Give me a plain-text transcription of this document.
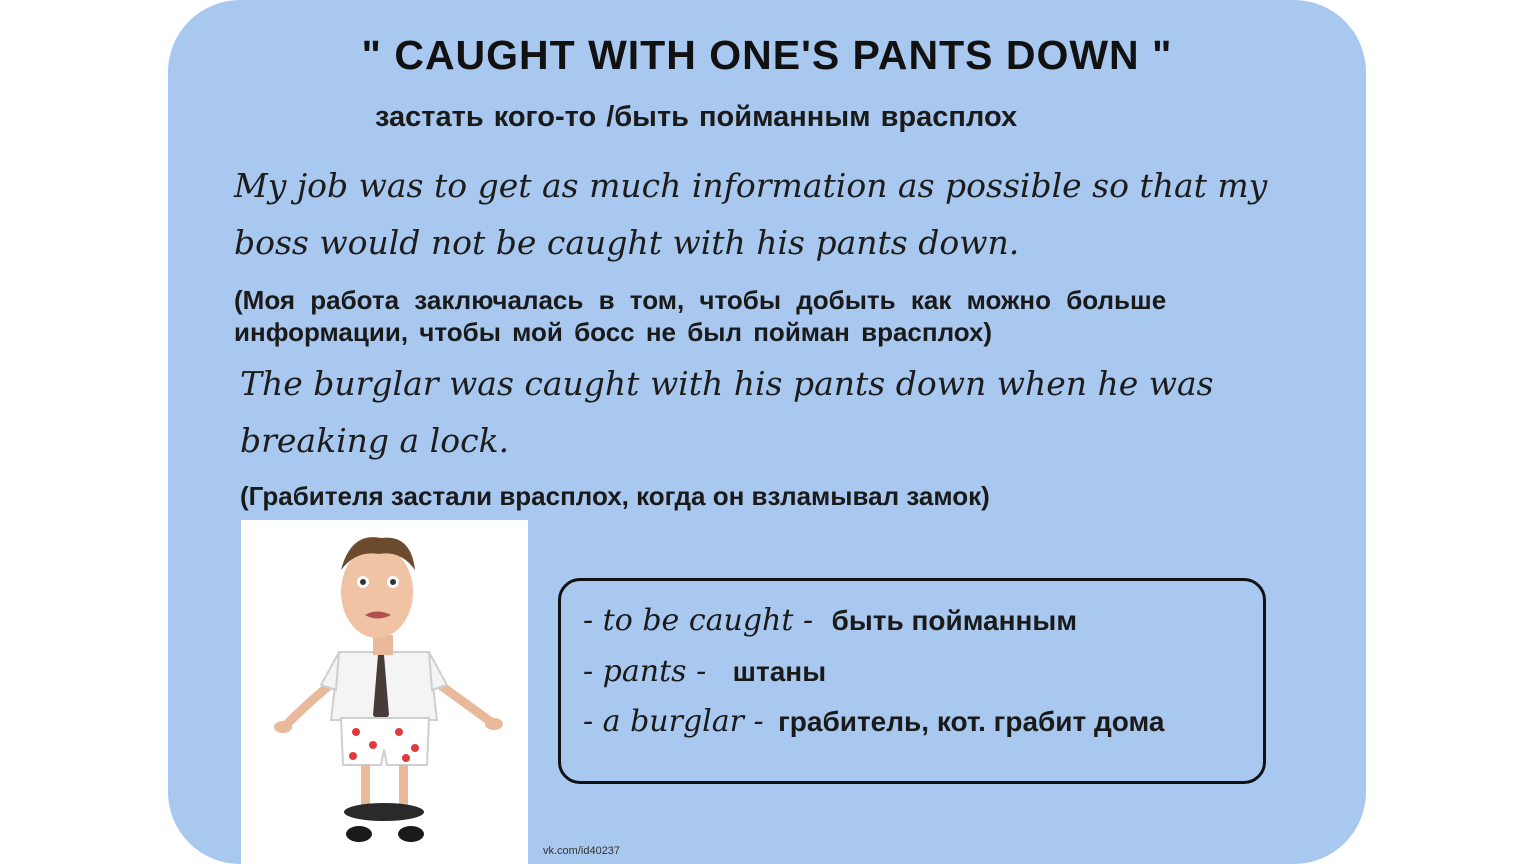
" CAUGHT WITH ONE'S PANTS DOWN "
застать кого-то /быть пойманным врасплох
My job was to get as much information as possible so that my
boss would not be caught with his pants down.
(Моя работа заключалась в том, чтобы добыть как можно больше
информации, чтобы мой босс не был пойман врасплох)
The burglar was caught with his pants down when he was
breaking a lock.
(Грабителя застали врасплох, когда он взламывал замок)
- to be caught - быть пойманным
- pants - штаны
- a burglar - грабитель, кот. грабит дома
vk.com/id40237
